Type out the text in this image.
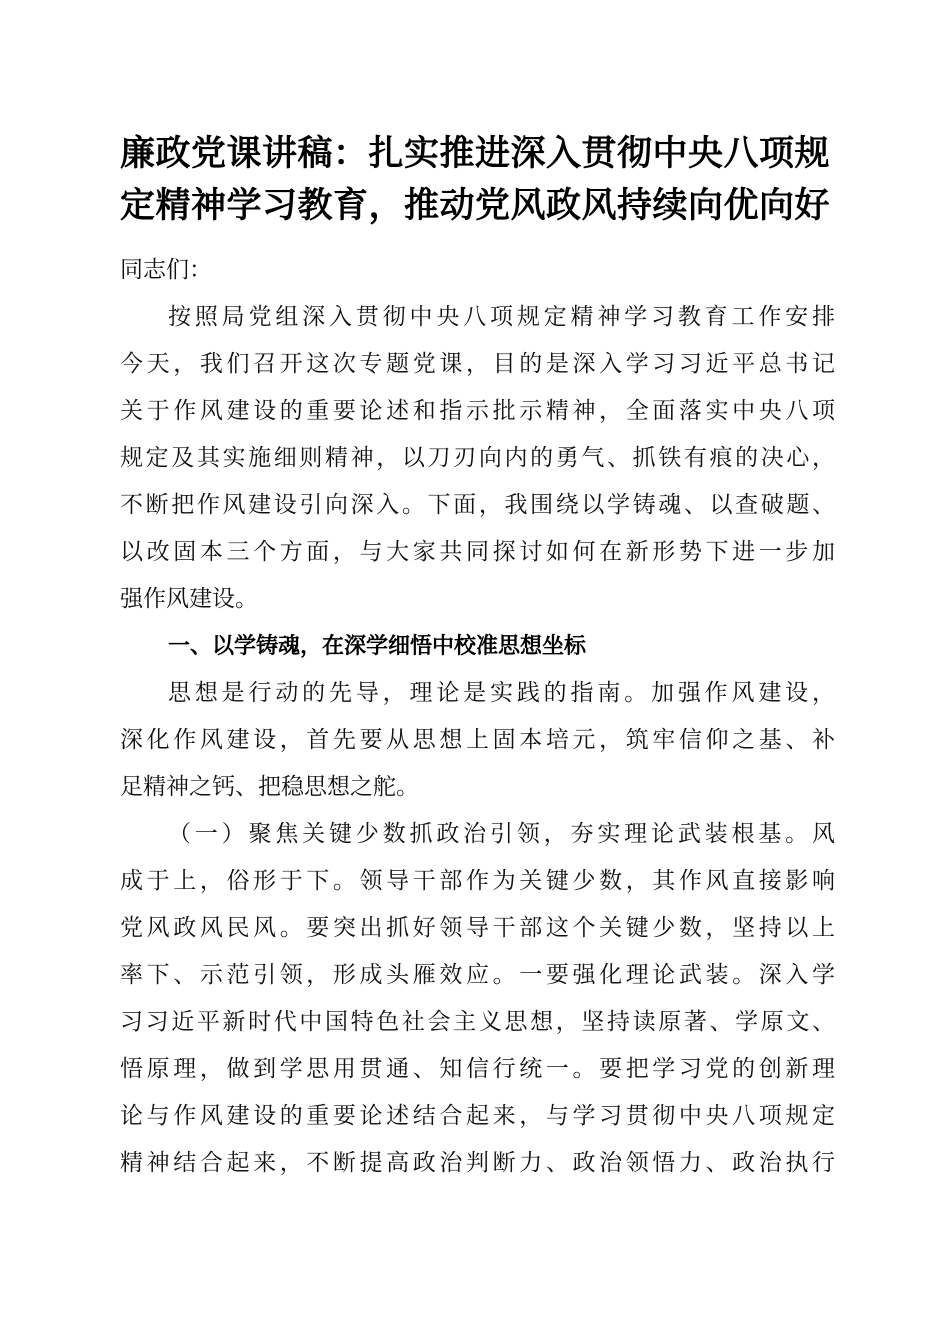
廉政党课讲稿：扎实推进深入贯彻中央八项规
定精神学习教育，推动党风政风持续向优向好

同志们：

按照局党组深入贯彻中央八项规定精神学习教育工作安排
今天，我们召开这次专题党课，目的是深入学习习近平总书记
关于作风建设的重要论述和指示批示精神，全面落实中央八项
规定及其实施细则精神，以刀刃向内的勇气、抓铁有痕的决心，
不断把作风建设引向深入。下面，我围绕以学铸魂、以查破题、
以改固本三个方面，与大家共同探讨如何在新形势下进一步加
强作风建设。

一、以学铸魂，在深学细悟中校准思想坐标

思想是行动的先导，理论是实践的指南。加强作风建设，
深化作风建设，首先要从思想上固本培元，筑牢信仰之基、补
足精神之钙、把稳思想之舵。

（一）聚焦关键少数抓政治引领，夯实理论武装根基。风
成于上，俗形于下。领导干部作为关键少数，其作风直接影响
党风政风民风。要突出抓好领导干部这个关键少数，坚持以上
率下、示范引领，形成头雁效应。一要强化理论武装。深入学
习习近平新时代中国特色社会主义思想，坚持读原著、学原文、
悟原理，做到学思用贯通、知信行统一。要把学习党的创新理
论与作风建设的重要论述结合起来，与学习贯彻中央八项规定
精神结合起来，不断提高政治判断力、政治领悟力、政治执行
